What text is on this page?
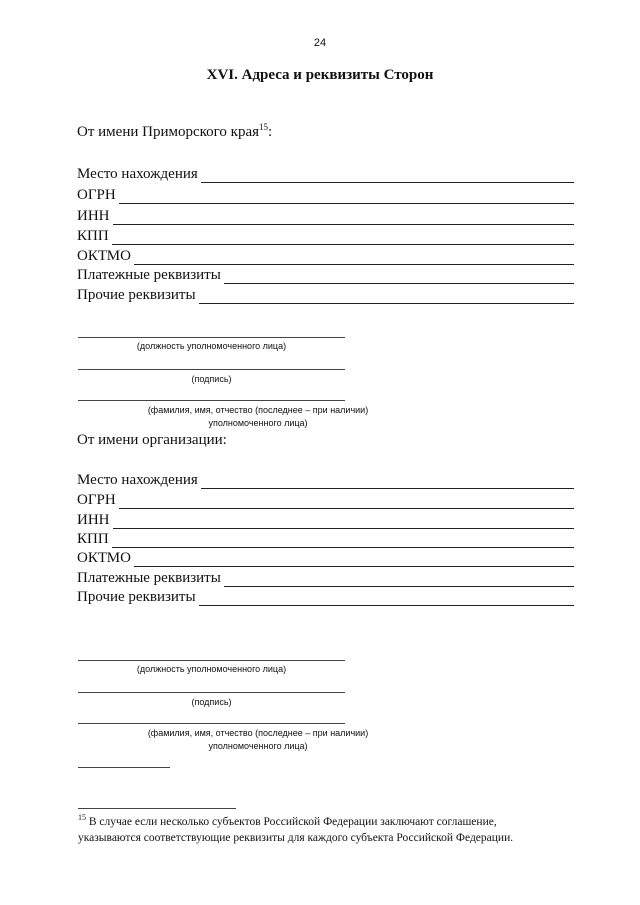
24
XVI. Адреса и реквизиты Сторон
От имени Приморского края$^{15}$:
Место нахождения
ОГРН
ИНН
КПП
ОКТМО
Платежные реквизиты
Прочие реквизиты
(должность уполномоченного лица)
(подпись)
(фамилия, имя, отчество (последнее – при наличии)
уполномоченного лица)
От имени организации:
Место нахождения
ОГРН
ИНН
КПП
ОКТМО
Платежные реквизиты
Прочие реквизиты
(должность уполномоченного лица)
(подпись)
(фамилия, имя, отчество (последнее – при наличии)
уполномоченного лица)
$^{15}$ В случае если несколько субъектов Российской Федерации заключают соглашение,
указываются соответствующие реквизиты для каждого субъекта Российской Федерации.
